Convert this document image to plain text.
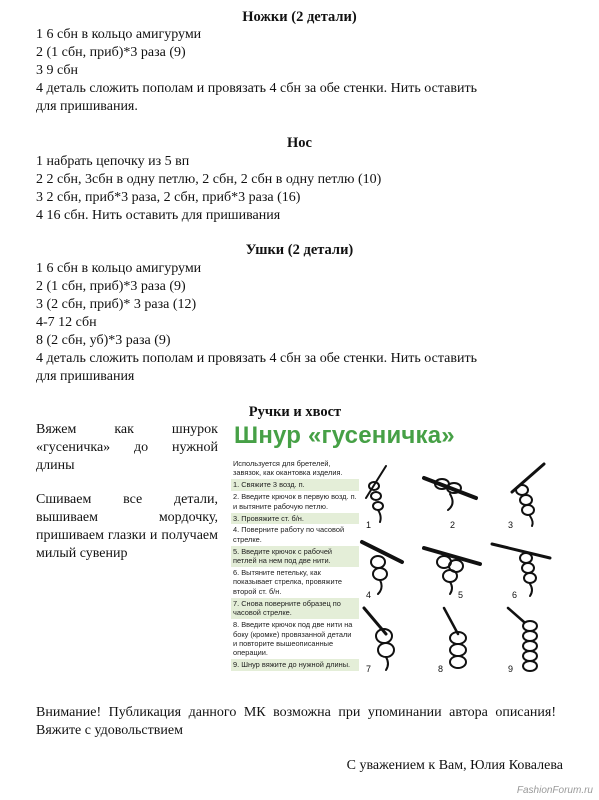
Ножки (2 детали)
1 6 сбн в кольцо амигуруми
2 (1 сбн, приб)*3 раза (9)
3 9 сбн
4 деталь сложить пополам и провязать 4 сбн за обе стенки. Нить оставить
для пришивания.
Нос
1 набрать цепочку из 5 вп
2 2 сбн, 3сбн в одну петлю, 2 сбн, 2 сбн в одну петлю (10)
3 2 сбн, приб*3 раза, 2 сбн, приб*3 раза (16)
4 16 сбн. Нить оставить для пришивания
Ушки (2 детали)
1 6 сбн в кольцо амигуруми
2 (1 сбн, приб)*3 раза (9)
3 (2 сбн, приб)* 3 раза (12)
4-7 12 сбн
8 (2 сбн, уб)*3 раза (9)
4 деталь сложить пополам и провязать 4 сбн за обе стенки. Нить оставить
для пришивания
Ручки и хвост
Вяжем как шнурок «гусеничка» до нужной длины
Сшиваем все детали, вышиваем мордочку, пришиваем глазки и получаем милый сувенир
Шнур «гусеничка»
Используется для бретелей, завязок, как окантовка изделия.
1. Свяжите 3 возд. п.
2. Введите крючок в первую возд. п. и вытяните рабочую петлю.
3. Провяжите ст. б/н.
4. Поверните работу по часовой стрелке.
5. Введите крючок с рабочей петлей на нем под две нити.
6. Вытяните петельку, как показывает стрелка, провяжите второй ст. б/н.
7. Снова поверните образец по часовой стрелке.
8. Введите крючок под две нити на боку (кромке) провязанной детали и повторите вышеописанные операции.
9. Шнур вяжите до нужной длины.
1	2	3
4	5	6
7	8	9
Внимание! Публикация данного МК возможна при упоминании автора описания! Вяжите с удовольствием
С уважением к Вам, Юлия Ковалева
FashionForum.ru
